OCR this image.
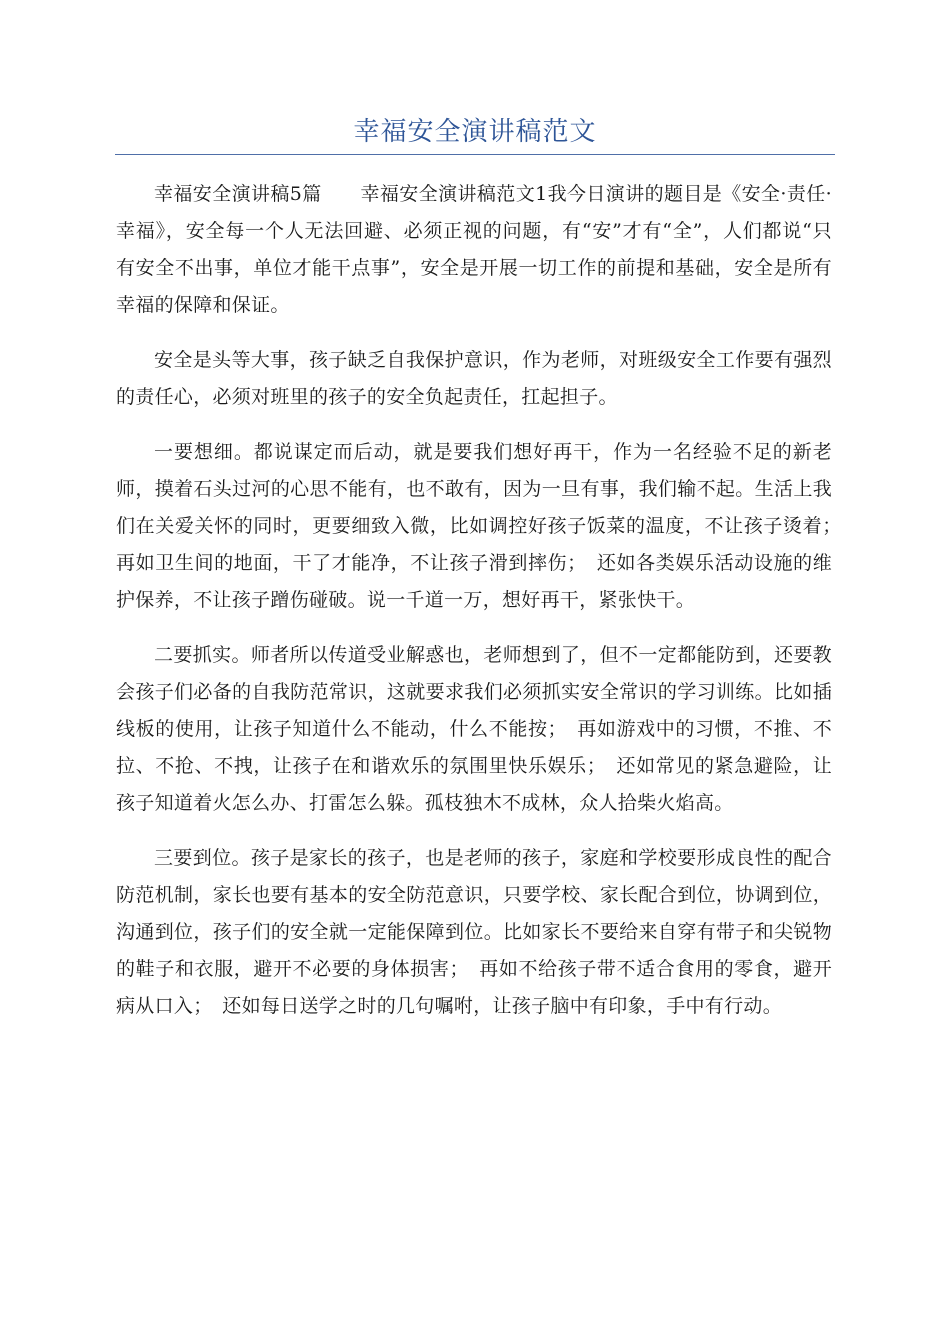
幸福安全演讲稿范文

幸福安全演讲稿5篇　　幸福安全演讲稿范文1我今日演讲的题目是《安全·责任·幸福》，安全每一个人无法回避、必须正视的问题，有“安”才有“全”，人们都说“只有安全不出事，单位才能干点事”，安全是开展一切工作的前提和基础，安全是所有幸福的保障和保证。

安全是头等大事，孩子缺乏自我保护意识，作为老师，对班级安全工作要有强烈的责任心，必须对班里的孩子的安全负起责任，扛起担子。

一要想细。都说谋定而后动，就是要我们想好再干，作为一名经验不足的新老师，摸着石头过河的心思不能有，也不敢有，因为一旦有事，我们输不起。生活上我们在关爱关怀的同时，更要细致入微，比如调控好孩子饭菜的温度，不让孩子烫着；　再如卫生间的地面，干了才能净，不让孩子滑到摔伤；　还如各类娱乐活动设施的维护保养，不让孩子蹭伤碰破。说一千道一万，想好再干，紧张快干。

二要抓实。师者所以传道受业解惑也，老师想到了，但不一定都能防到，还要教会孩子们必备的自我防范常识，这就要求我们必须抓实安全常识的学习训练。比如插线板的使用，让孩子知道什么不能动，什么不能按；　再如游戏中的习惯，不推、不拉、不抢、不拽，让孩子在和谐欢乐的氛围里快乐娱乐；　还如常见的紧急避险，让孩子知道着火怎么办、打雷怎么躲。孤枝独木不成林，众人拾柴火焰高。

三要到位。孩子是家长的孩子，也是老师的孩子，家庭和学校要形成良性的配合防范机制，家长也要有基本的安全防范意识，只要学校、家长配合到位，协调到位，沟通到位，孩子们的安全就一定能保障到位。比如家长不要给来自穿有带子和尖锐物的鞋子和衣服，避开不必要的身体损害；　再如不给孩子带不适合食用的零食，避开病从口入；　还如每日送学之时的几句嘱咐，让孩子脑中有印象，手中有行动。
